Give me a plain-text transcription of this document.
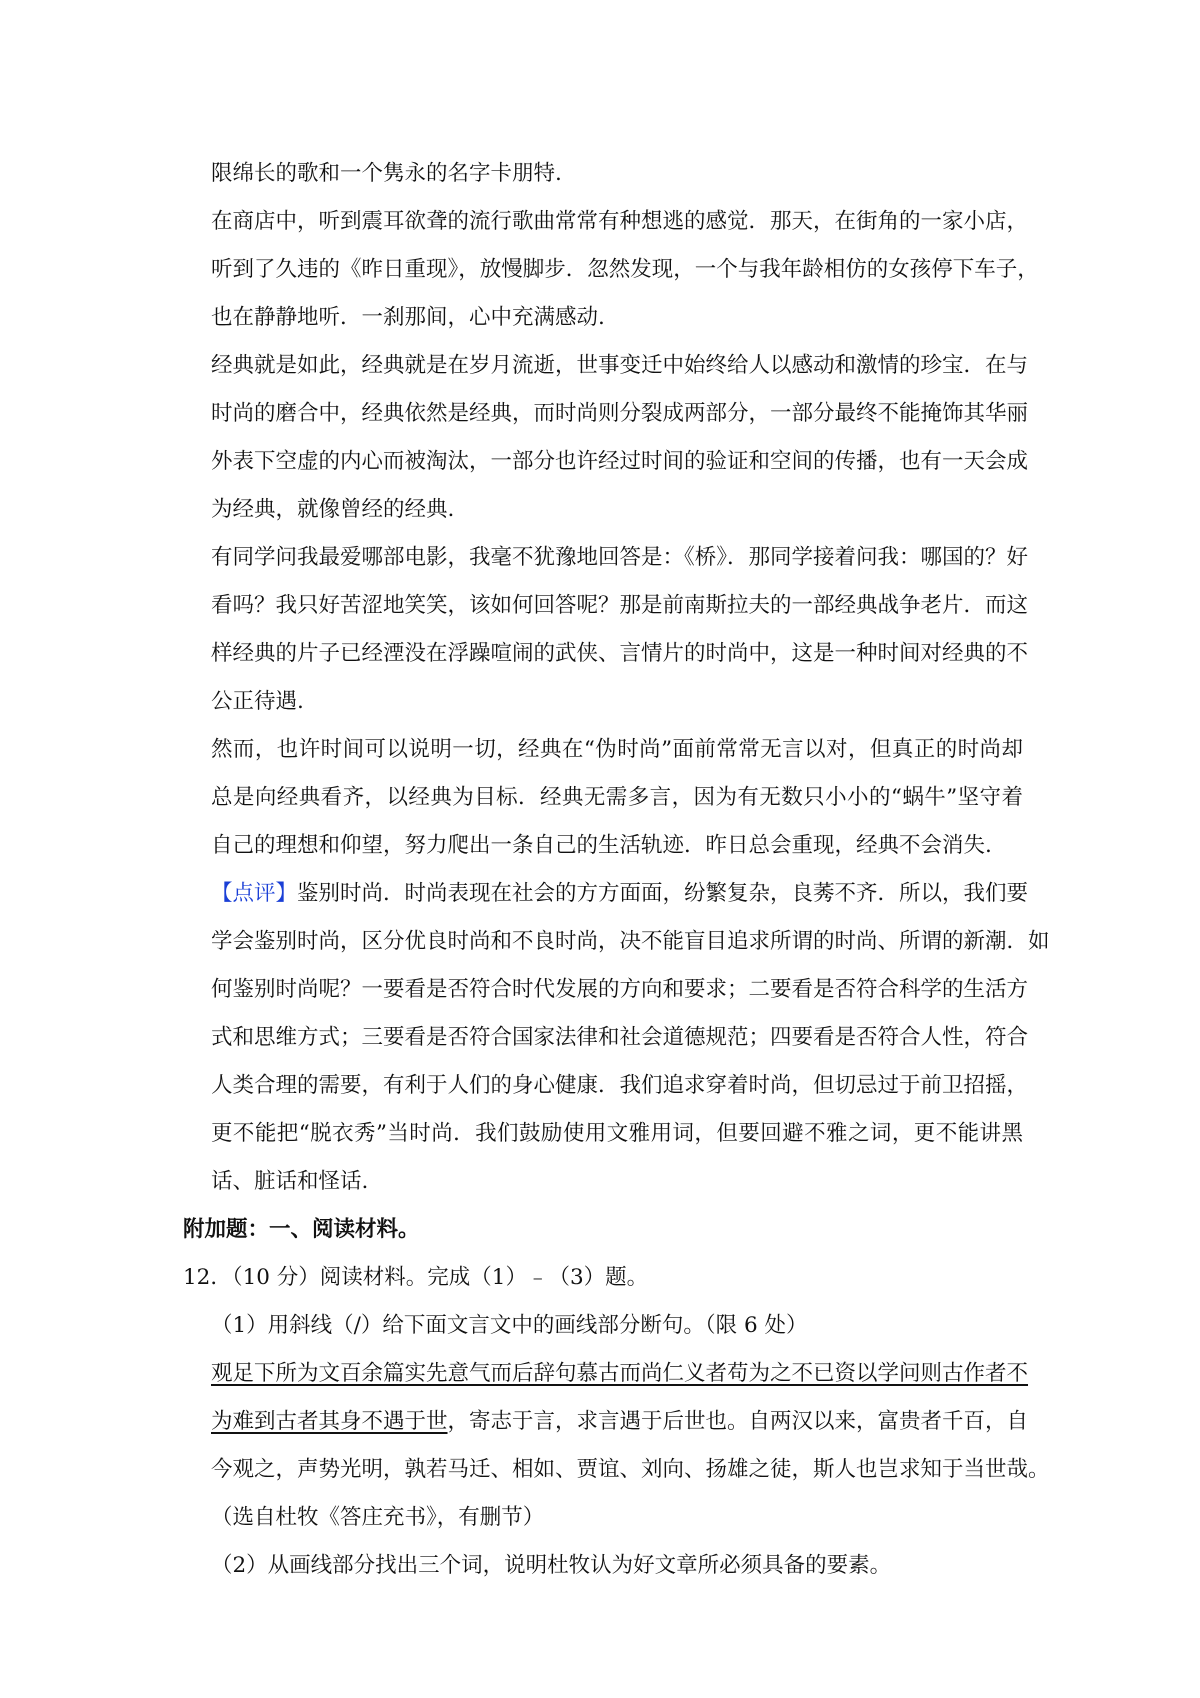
限绵长的歌和一个隽永的名字卡朋特.
在商店中，听到震耳欲聋的流行歌曲常常有种想逃的感觉．那天，在街角的一家小店，
听到了久违的《昨日重现》，放慢脚步．忽然发现，一个与我年龄相仿的女孩停下车子，
也在静静地听．一刹那间，心中充满感动.
经典就是如此，经典就是在岁月流逝，世事变迁中始终给人以感动和激情的珍宝．在与
时尚的磨合中，经典依然是经典，而时尚则分裂成两部分，一部分最终不能掩饰其华丽
外表下空虚的内心而被淘汰，一部分也许经过时间的验证和空间的传播，也有一天会成
为经典，就像曾经的经典.
有同学问我最爱哪部电影，我毫不犹豫地回答是：《桥》．那同学接着问我：哪国的？好
看吗？我只好苦涩地笑笑，该如何回答呢？那是前南斯拉夫的一部经典战争老片．而这
样经典的片子已经湮没在浮躁喧闹的武侠、言情片的时尚中，这是一种时间对经典的不
公正待遇.
然而，也许时间可以说明一切，经典在“伪时尚”面前常常无言以对，但真正的时尚却
总是向经典看齐，以经典为目标．经典无需多言，因为有无数只小小的“蜗牛”坚守着
自己的理想和仰望，努力爬出一条自己的生活轨迹．昨日总会重现，经典不会消失.
【点评】鉴别时尚．时尚表现在社会的方方面面，纷繁复杂，良莠不齐．所以，我们要
学会鉴别时尚，区分优良时尚和不良时尚，决不能盲目追求所谓的时尚、所谓的新潮．如
何鉴别时尚呢？一要看是否符合时代发展的方向和要求；二要看是否符合科学的生活方
式和思维方式；三要看是否符合国家法律和社会道德规范；四要看是否符合人性，符合
人类合理的需要，有利于人们的身心健康．我们追求穿着时尚，但切忌过于前卫招摇，
更不能把“脱衣秀”当时尚．我们鼓励使用文雅用词，但要回避不雅之词，更不能讲黑
话、脏话和怪话.
附加题：一、阅读材料。
12．（10 分）阅读材料。完成（1）﹣（3）题。
（1）用斜线（/）给下面文言文中的画线部分断句。（限 6 处）
观足下所为文百余篇实先意气而后辞句慕古而尚仁义者苟为之不已资以学问则古作者不
为难到古者其身不遇于世，寄志于言，求言遇于后世也。自两汉以来，富贵者千百，自
今观之，声势光明，孰若马迁、相如、贾谊、刘向、扬雄之徒，斯人也岂求知于当世哉。
（选自杜牧《答庄充书》，有删节）
（2）从画线部分找出三个词，说明杜牧认为好文章所必须具备的要素。
